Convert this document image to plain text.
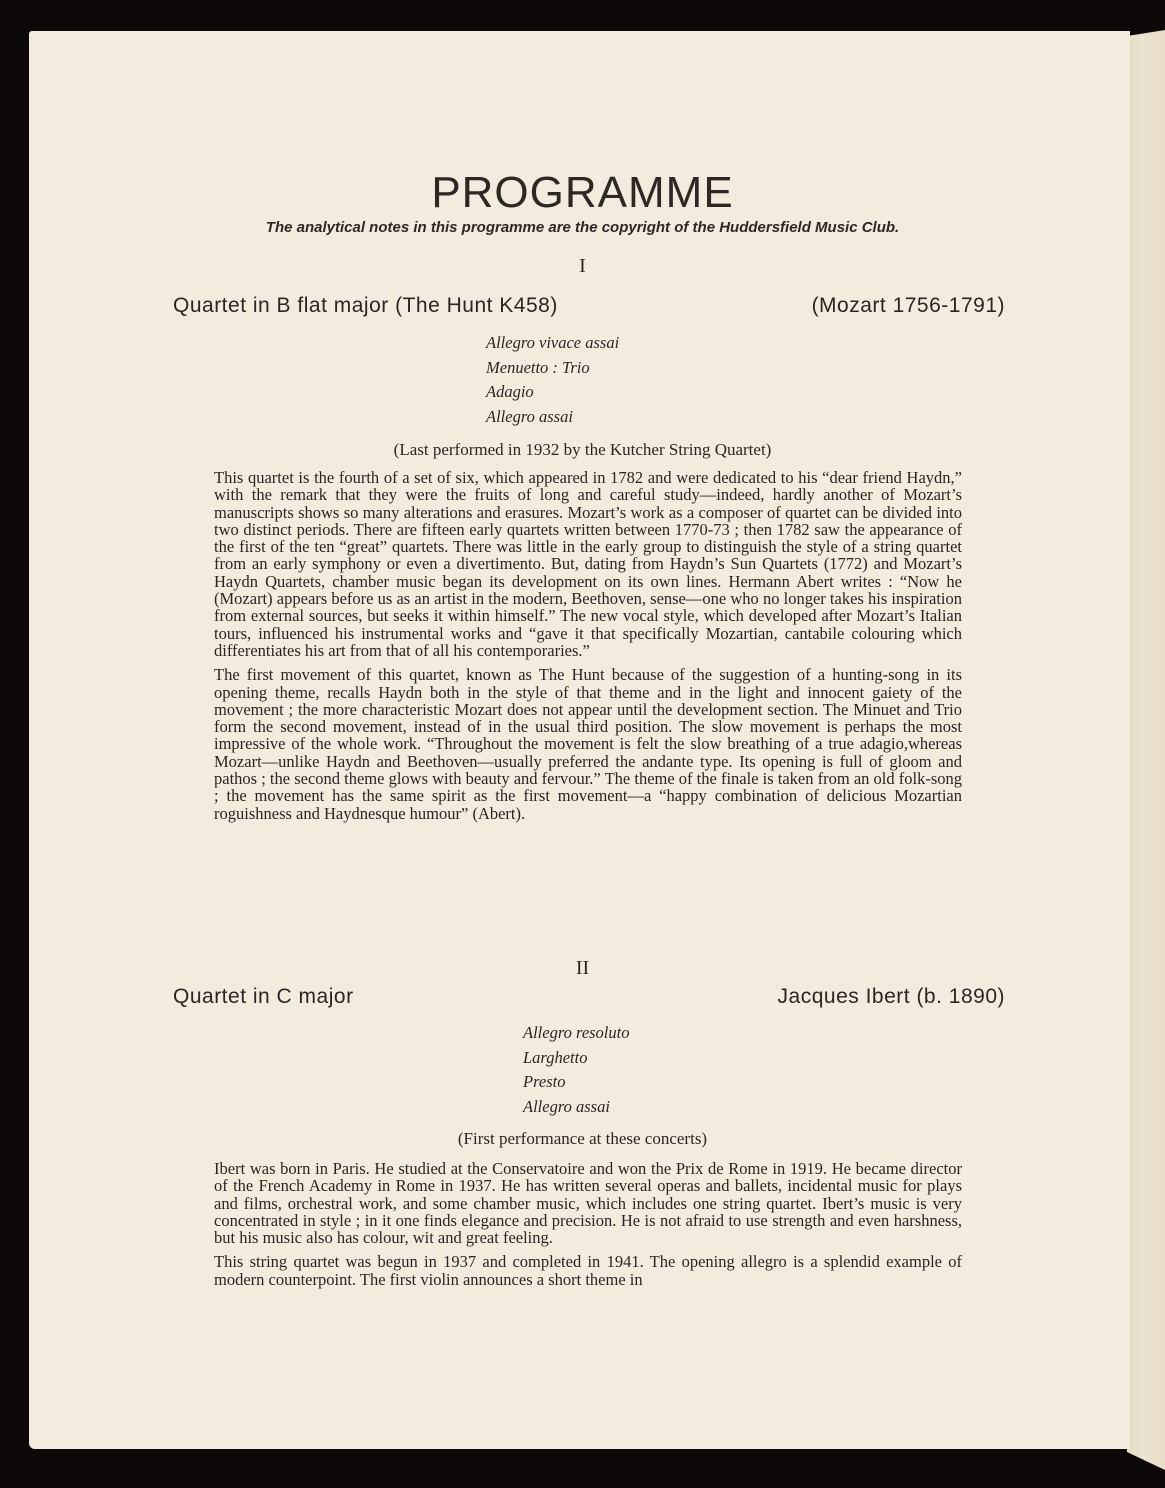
PROGRAMME
The analytical notes in this programme are the copyright of the Huddersfield Music Club.
I
Quartet in B flat major (The Hunt K458)	(Mozart 1756-1791)
Allegro vivace assai
Menuetto : Trio
Adagio
Allegro assai
(Last performed in 1932 by the Kutcher String Quartet)

This quartet is the fourth of a set of six, which appeared in 1782 and were dedicated to his “dear friend Haydn,” with the remark that they were the fruits of long and careful study—indeed, hardly another of Mozart’s manuscripts shows so many alterations and erasures. Mozart’s work as a composer of quartet can be divided into two distinct periods. There are fifteen early quartets written between 1770-73 ; then 1782 saw the appearance of the first of the ten “great” quartets. There was little in the early group to distinguish the style of a string quartet from an early symphony or even a divertimento. But, dating from Haydn’s Sun Quartets (1772) and Mozart’s Haydn Quartets, chamber music began its development on its own lines. Hermann Abert writes : “Now he (Mozart) appears before us as an artist in the modern, Beethoven, sense—one who no longer takes his inspiration from external sources, but seeks it within himself.” The new vocal style, which developed after Mozart’s Italian tours, influenced his instrumental works and “gave it that specifically Mozartian, cantabile colouring which differentiates his art from that of all his contemporaries.”

The first movement of this quartet, known as The Hunt because of the suggestion of a hunting-song in its opening theme, recalls Haydn both in the style of that theme and in the light and innocent gaiety of the movement ; the more characteristic Mozart does not appear until the development section. The Minuet and Trio form the second movement, instead of in the usual third position. The slow movement is perhaps the most impressive of the whole work. “Throughout the movement is felt the slow breathing of a true adagio,whereas Mozart—unlike Haydn and Beethoven—usually preferred the andante type. Its opening is full of gloom and pathos ; the second theme glows with beauty and fervour.” The theme of the finale is taken from an old folk-song ; the movement has the same spirit as the first movement—a “happy combination of delicious Mozartian roguishness and Haydnesque humour” (Abert).

II
Quartet in C major	Jacques Ibert (b. 1890)
Allegro resoluto
Larghetto
Presto
Allegro assai
(First performance at these concerts)

Ibert was born in Paris. He studied at the Conservatoire and won the Prix de Rome in 1919. He became director of the French Academy in Rome in 1937. He has written several operas and ballets, incidental music for plays and films, orchestral work, and some chamber music, which includes one string quartet. Ibert’s music is very concentrated in style ; in it one finds elegance and precision. He is not afraid to use strength and even harshness, but his music also has colour, wit and great feeling.

This string quartet was begun in 1937 and completed in 1941. The opening allegro is a splendid example of modern counterpoint. The first violin announces a short theme in
